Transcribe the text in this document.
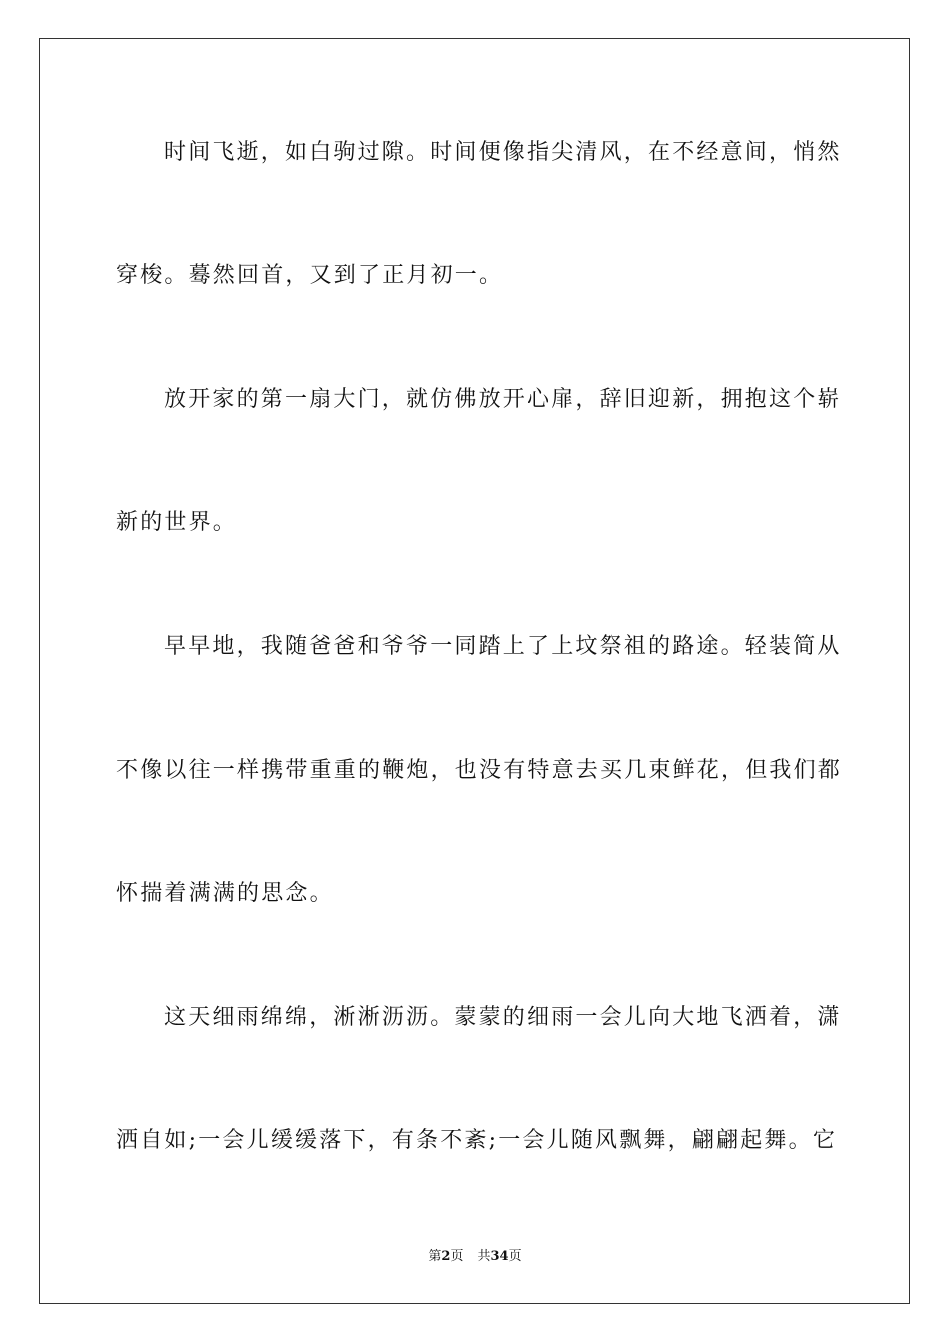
时间飞逝，如白驹过隙。时间便像指尖清风，在不经意间，悄然
穿梭。蓦然回首，又到了正月初一。
放开家的第一扇大门，就仿佛放开心扉，辞旧迎新，拥抱这个崭
新的世界。
早早地，我随爸爸和爷爷一同踏上了上坟祭祖的路途。轻装简从
不像以往一样携带重重的鞭炮，也没有特意去买几束鲜花，但我们都
怀揣着满满的思念。
这天细雨绵绵，淅淅沥沥。蒙蒙的细雨一会儿向大地飞洒着，潇
洒自如;一会儿缓缓落下，有条不紊;一会儿随风飘舞，翩翩起舞。它
第2页 共34页
